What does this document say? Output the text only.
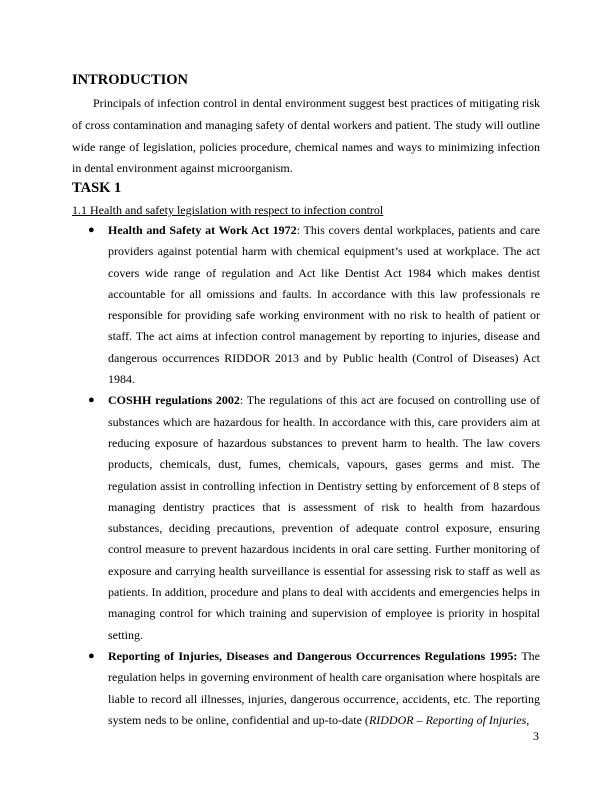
INTRODUCTION

Principals of infection control in dental environment suggest best practices of mitigating risk of cross contamination and managing safety of dental workers and patient. The study will outline wide range of legislation, policies procedure, chemical names and ways to minimizing infection in dental environment against microorganism.

TASK 1

1.1 Health and safety legislation with respect to infection control

● Health and Safety at Work Act 1972: This covers dental workplaces, patients and care providers against potential harm with chemical equipment’s used at workplace. The act covers wide range of regulation and Act like Dentist Act 1984 which makes dentist accountable for all omissions and faults. In accordance with this law professionals re responsible for providing safe working environment with no risk to health of patient or staff. The act aims at infection control management by reporting to injuries, disease and dangerous occurrences RIDDOR 2013 and by Public health (Control of Diseases) Act 1984.
● COSHH regulations 2002: The regulations of this act are focused on controlling use of substances which are hazardous for health. In accordance with this, care providers aim at reducing exposure of hazardous substances to prevent harm to health. The law covers products, chemicals, dust, fumes, chemicals, vapours, gases germs and mist. The regulation assist in controlling infection in Dentistry setting by enforcement of 8 steps of managing dentistry practices that is assessment of risk to health from hazardous substances, deciding precautions, prevention of adequate control exposure, ensuring control measure to prevent hazardous incidents in oral care setting. Further monitoring of exposure and carrying health surveillance is essential for assessing risk to staff as well as patients. In addition, procedure and plans to deal with accidents and emergencies helps in managing control for which training and supervision of employee is priority in hospital setting.
● Reporting of Injuries, Diseases and Dangerous Occurrences Regulations 1995: The regulation helps in governing environment of health care organisation where hospitals are liable to record all illnesses, injuries, dangerous occurrence, accidents, etc. The reporting system neds to be online, confidential and up-to-date (RIDDOR – Reporting of Injuries,
3
